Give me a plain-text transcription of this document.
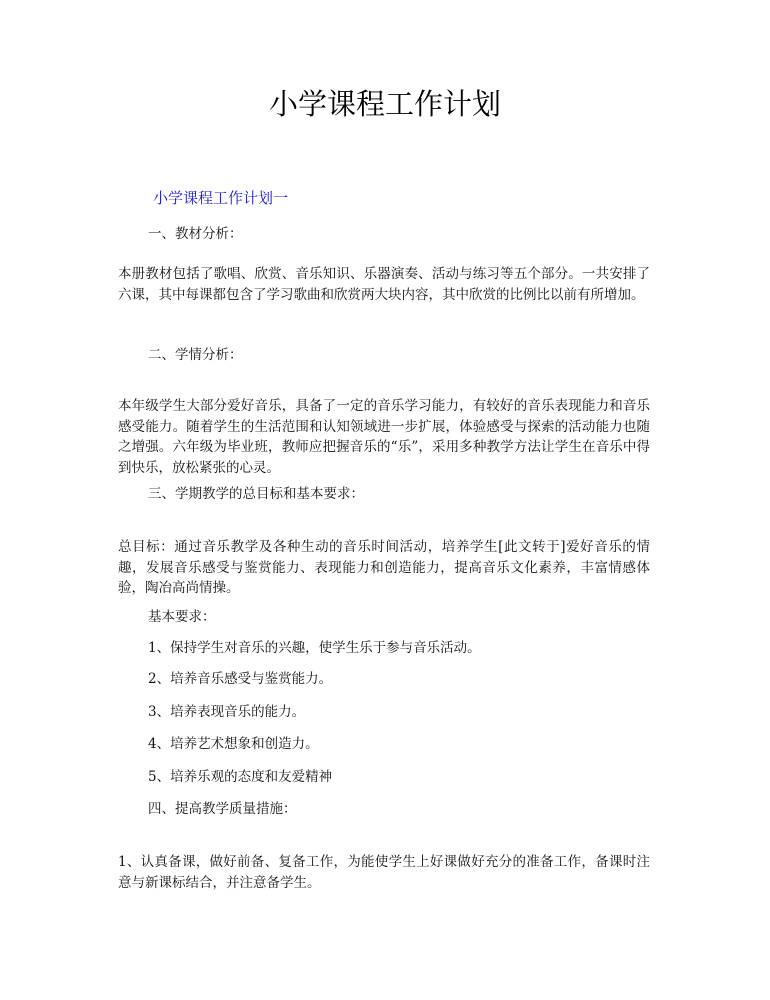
小学课程工作计划
小学课程工作计划一
一、教材分析：
本册教材包括了歌唱、欣赏、音乐知识、乐器演奏、活动与练习等五个部分。一共安排了六课，其中每课都包含了学习歌曲和欣赏两大块内容，其中欣赏的比例比以前有所增加。
二、学情分析：
本年级学生大部分爱好音乐，具备了一定的音乐学习能力，有较好的音乐表现能力和音乐感受能力。随着学生的生活范围和认知领域进一步扩展，体验感受与探索的活动能力也随之增强。六年级为毕业班，教师应把握音乐的“乐”，采用多种教学方法让学生在音乐中得到快乐，放松紧张的心灵。
三、学期教学的总目标和基本要求：
总目标：通过音乐教学及各种生动的音乐时间活动，培养学生[此文转于]爱好音乐的情趣，发展音乐感受与鉴赏能力、表现能力和创造能力，提高音乐文化素养，丰富情感体验，陶冶高尚情操。
基本要求：
1、保持学生对音乐的兴趣，使学生乐于参与音乐活动。
2、培养音乐感受与鉴赏能力。
3、培养表现音乐的能力。
4、培养艺术想象和创造力。
5、培养乐观的态度和友爱精神
四、提高教学质量措施：
1、认真备课，做好前备、复备工作，为能使学生上好课做好充分的准备工作，备课时注意与新课标结合，并注意备学生。
